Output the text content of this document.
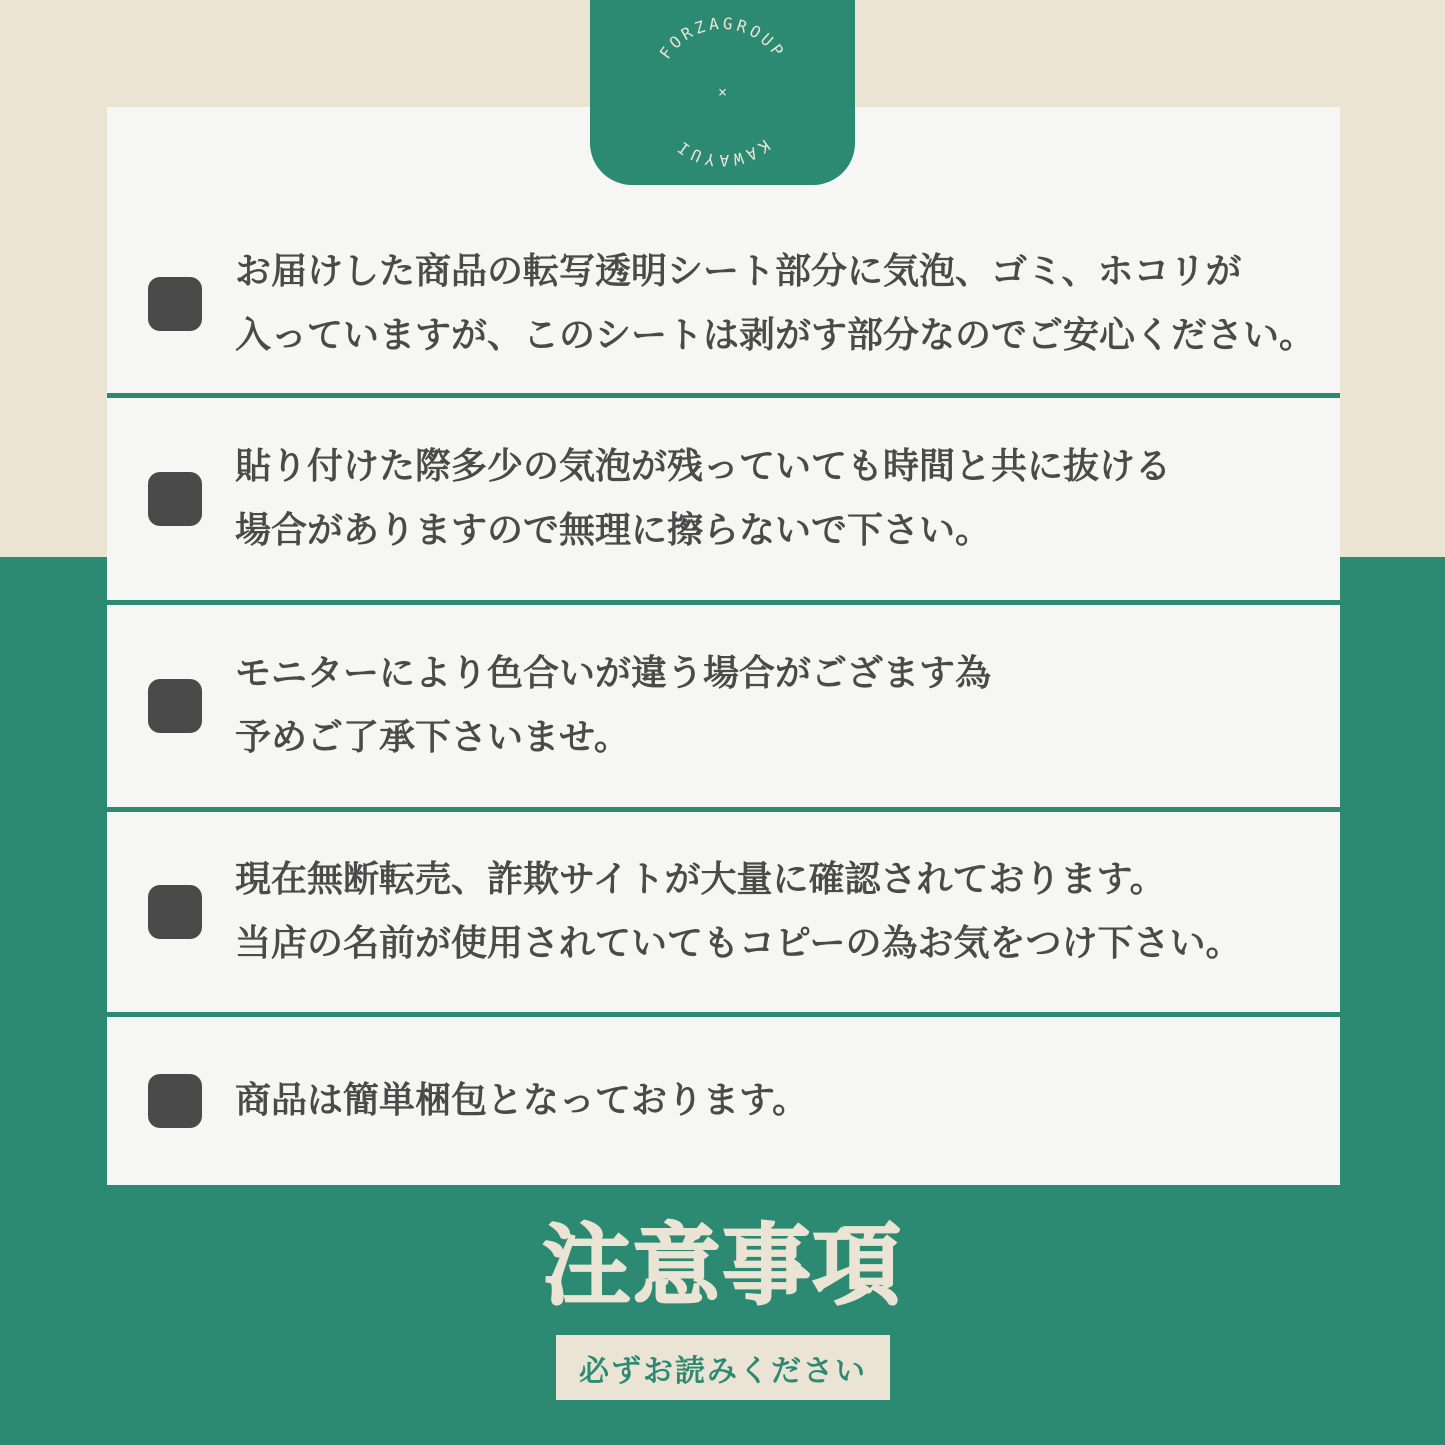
お届けした商品の転写透明シート部分に気泡、ゴミ、ホコリが
入っていますが、このシートは剥がす部分なのでご安心ください。
貼り付けた際多少の気泡が残っていても時間と共に抜ける
場合がありますので無理に擦らないで下さい。
モニターにより色合いが違う場合がござます為
予めご了承下さいませ。
現在無断転売、詐欺サイトが大量に確認されております。
当店の名前が使用されていてもコピーの為お気をつけ下さい。
商品は簡単梱包となっております。
FORZAGROUP
KAWAYUI
×
注意事項
必ずお読みください
